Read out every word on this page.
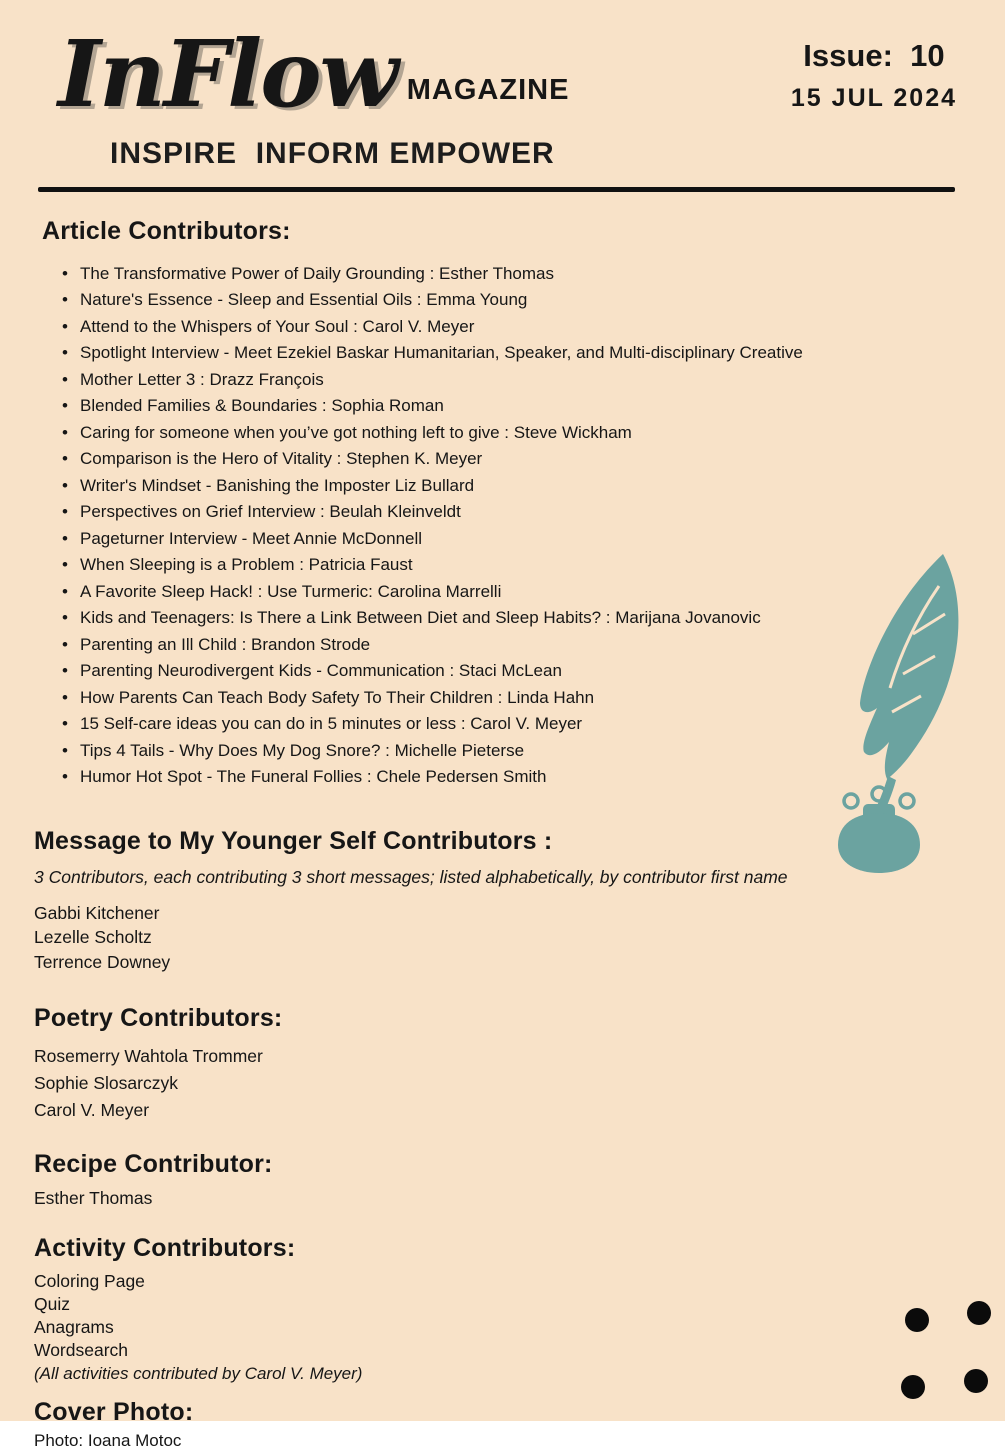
InFlow MAGAZINE
INSPIRE  INFORM EMPOWER
Issue:  10
15 JUL 2024
Article Contributors:
• The Transformative Power of Daily Grounding : Esther Thomas
• Nature's Essence - Sleep and Essential Oils : Emma Young
• Attend to the Whispers of Your Soul : Carol V. Meyer
• Spotlight Interview - Meet Ezekiel Baskar Humanitarian, Speaker, and Multi-disciplinary Creative
• Mother Letter 3 : Drazz François
• Blended Families & Boundaries : Sophia Roman
• Caring for someone when you’ve got nothing left to give : Steve Wickham
• Comparison is the Hero of Vitality : Stephen K. Meyer
• Writer's Mindset - Banishing the Imposter Liz Bullard
• Perspectives on Grief Interview : Beulah Kleinveldt
• Pageturner Interview - Meet Annie McDonnell
• When Sleeping is a Problem : Patricia Faust
• A Favorite Sleep Hack! : Use Turmeric: Carolina Marrelli
• Kids and Teenagers: Is There a Link Between Diet and Sleep Habits? : Marijana Jovanovic
• Parenting an Ill Child : Brandon Strode
• Parenting Neurodivergent Kids - Communication : Staci McLean
• How Parents Can Teach Body Safety To Their Children : Linda Hahn
• 15 Self-care ideas you can do in 5 minutes or less : Carol V. Meyer
• Tips 4 Tails - Why Does My Dog Snore? : Michelle Pieterse
• Humor Hot Spot - The Funeral Follies : Chele Pedersen Smith
Message to My Younger Self Contributors :
3 Contributors, each contributing 3 short messages; listed alphabetically, by contributor first name
Gabbi Kitchener
Lezelle Scholtz
Terrence Downey
Poetry Contributors:
Rosemerry Wahtola Trommer
Sophie Slosarczyk
Carol V. Meyer
Recipe Contributor:
Esther Thomas
Activity Contributors:
Coloring Page
Quiz
Anagrams
Wordsearch
(All activities contributed by Carol V. Meyer)
Cover Photo:
Photo: Ioana Motoc
